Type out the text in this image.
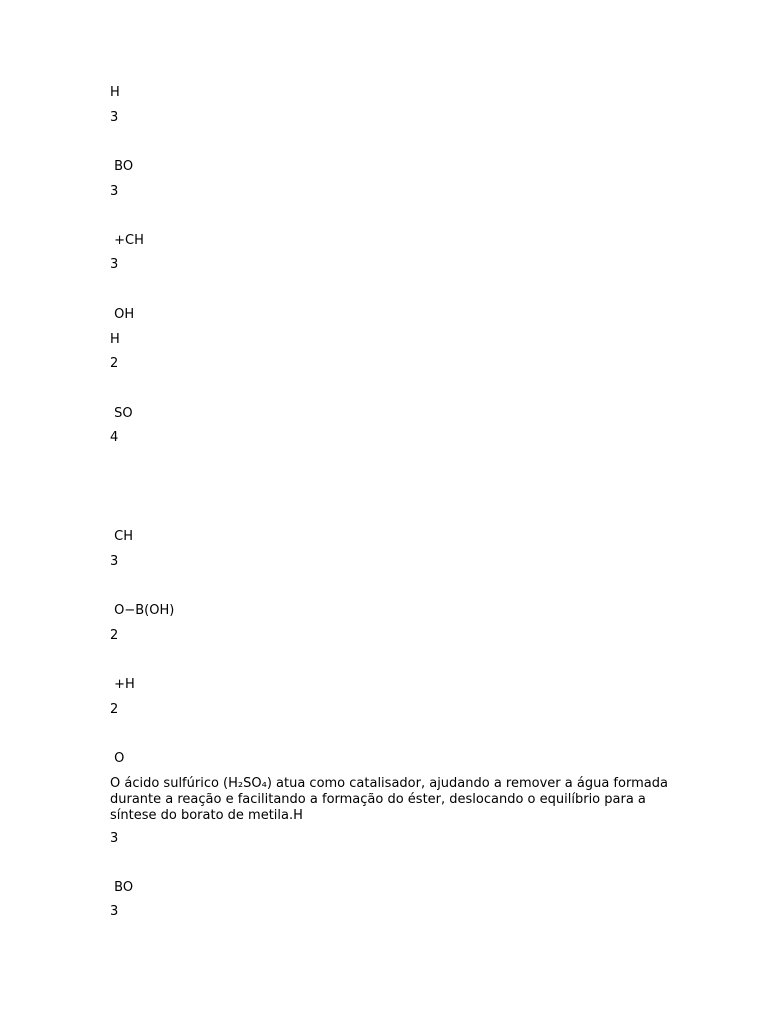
H
3
BO
3
+CH
3
OH
H
2
SO
4
CH
3
O−B(OH)
2
+H
2
O
O ácido sulfúrico (H₂SO₄) atua como catalisador, ajudando a remover a água formada durante a reação e facilitando a formação do éster, deslocando o equilíbrio para a síntese do borato de metila.H
3
BO
3
